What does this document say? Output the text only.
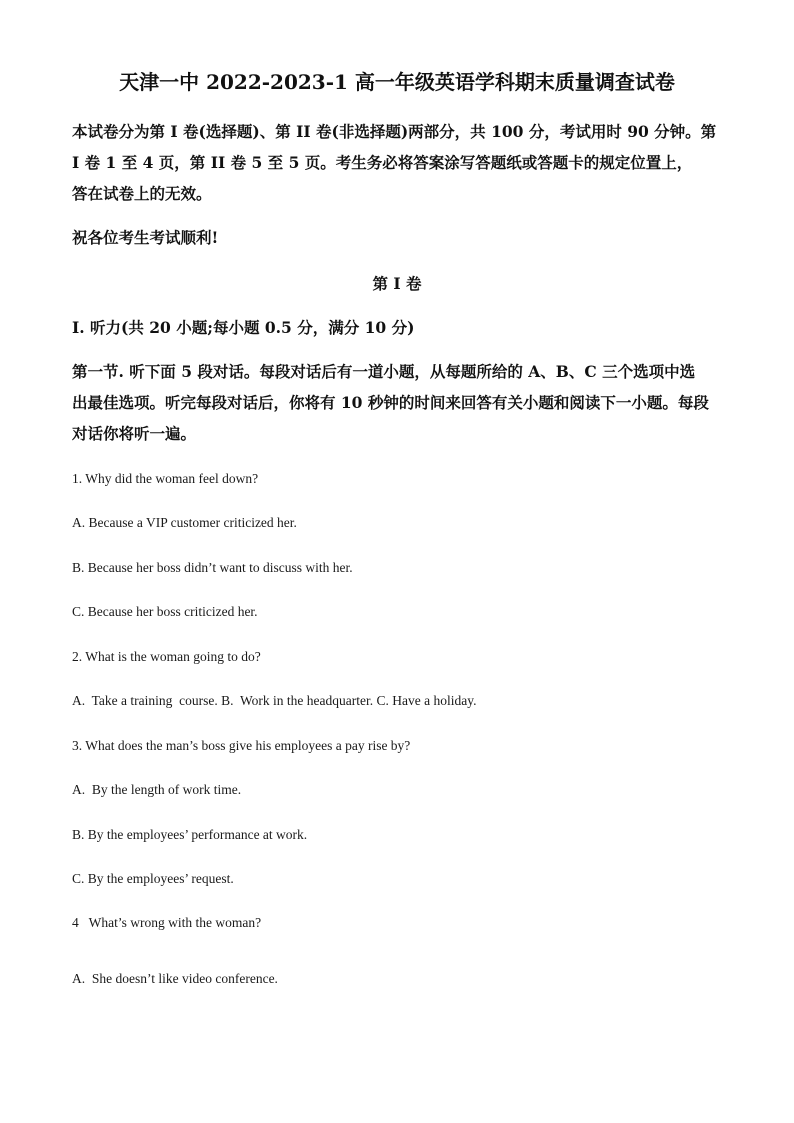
天津一中 2022-2023-1 高一年级英语学科期末质量调查试卷
本试卷分为第 I 卷(选择题)、第 II 卷(非选择题)两部分，共 100 分，考试用时 90 分钟。第
I 卷 1 至 4 页，第 II 卷 5 至 5 页。考生务必将答案涂写答题纸或答题卡的规定位置上，
答在试卷上的无效。
祝各位考生考试顺利!
第 I 卷
I. 听力(共 20 小题;每小题 0.5 分，满分 10 分)
第一节. 听下面 5 段对话。每段对话后有一道小题，从每题所给的 A、B、C 三个选项中选
出最佳选项。听完每段对话后，你将有 10 秒钟的时间来回答有关小题和阅读下一小题。每段
对话你将听一遍。
1. Why did the woman feel down?
A. Because a VIP customer criticized her.
B. Because her boss didn’t want to discuss with her.
C. Because her boss criticized her.
2. What is the woman going to do?
A.  Take a training  course. B.  Work in the headquarter. C. Have a holiday.
3. What does the man’s boss give his employees a pay rise by?
A.  By the length of work time.
B. By the employees’ performance at work.
C. By the employees’ request.
4   What’s wrong with the woman?
A.  She doesn’t like video conference.
